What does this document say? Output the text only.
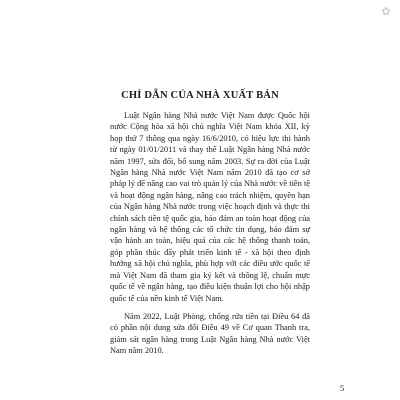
✿
CHỈ DẪN CỦA NHÀ XUẤT BẢN

Luật Ngân hàng Nhà nước Việt Nam được Quốc hội nước Cộng hòa xã hội chủ nghĩa Việt Nam khóa XII, kỳ họp thứ 7 thông qua ngày 16/6/2010, có hiệu lực thi hành từ ngày 01/01/2011 và thay thế Luật Ngân hàng Nhà nước năm 1997, sửa đổi, bổ sung năm 2003. Sự ra đời của Luật Ngân hàng Nhà nước Việt Nam năm 2010 đã tạo cơ sở pháp lý để nâng cao vai trò quản lý của Nhà nước về tiền tệ và hoạt động ngân hàng, nâng cao trách nhiệm, quyền hạn của Ngân hàng Nhà nước trong việc hoạch định và thực thi chính sách tiền tệ quốc gia, bảo đảm an toàn hoạt động của ngân hàng và hệ thống các tổ chức tín dụng, bảo đảm sự vận hành an toàn, hiệu quả của các hệ thống thanh toán, góp phần thúc đẩy phát triển kinh tế - xã hội theo định hướng xã hội chủ nghĩa, phù hợp với các điều ước quốc tế mà Việt Nam đã tham gia ký kết và thông lệ, chuẩn mực quốc tế về ngân hàng, tạo điều kiện thuận lợi cho hội nhập quốc tế của nền kinh tế Việt Nam.

Năm 2022, Luật Phòng, chống rửa tiền tại Điều 64 đã có phần nội dung sửa đổi Điều 49 về Cơ quan Thanh tra, giám sát ngân hàng trong Luật Ngân hàng Nhà nước Việt Nam năm 2010.

5
